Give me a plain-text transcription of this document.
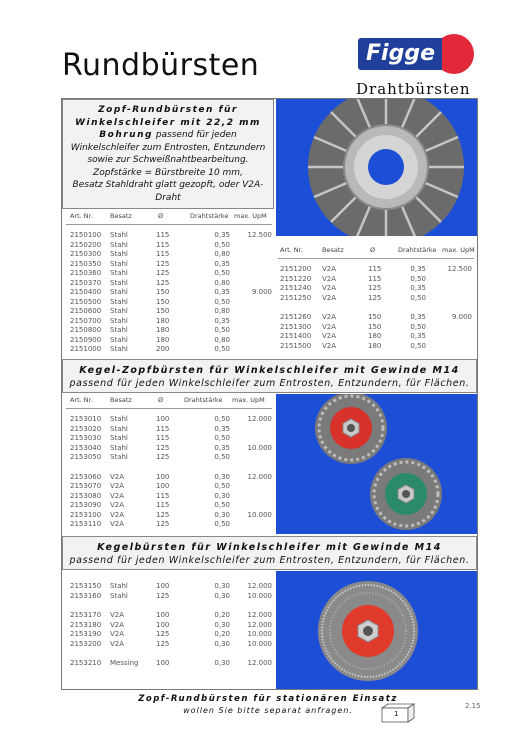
Rundbürsten	Figge
Drahtbürsten
Zopf-Rundbürsten für Winkelschleifer mit 22,2 mm Bohrung passend für jeden Winkelschleifer zum Entrosten, Entzundern sowie zur Schweißnahtbearbeitung.
Zopfstärke = Bürstbreite 10 mm,
Besatz Stahldraht glatt gezopft, oder V2A-Draht
Art. Nr.	Besatz	Ø	Drahtstärke max. UpM
2150100 Stahl	115	0,35	12.500
2150200 Stahl	115	0,50
2150300 Stahl	115	0,80
2150350 Stahl	125	0,35
2150360 Stahl	125	0,50
2150370 Stahl	125	0,80
2150400 Stahl	150	0,35	9.000
2150500 Stahl	150	0,50
2150600 Stahl	150	0,80
2150700 Stahl	180	0,35
2150800 Stahl	180	0,50
2150900 Stahl	180	0,80
2151000 Stahl	200	0,50
Art. Nr.	Besatz	Ø	Drahtstärke max. UpM
2151200 V2A	115	0,35	12.500
2151220 V2A	115	0,50
2151240 V2A	125	0,35
2151250 V2A	125	0,50
2151260 V2A	150	0,35	9.000
2151300 V2A	150	0,50
2151400 V2A	180	0,35
2151500 V2A	180	0,50
Kegel-Zopfbürsten für Winkelschleifer mit Gewinde M14
passend für jeden Winkelschleifer zum Entrosten, Entzundern, für Flächen.
Art. Nr.	Besatz	Ø	Drahtstärke max. UpM
2153010 Stahl	100	0,50	12.000
2153020 Stahl	115	0,35
2153030 Stahl	115	0,50
2153040 Stahl	125	0,35	10.000
2153050 Stahl	125	0,50
2153060 V2A	100	0,30	12.000
2153070 V2A	100	0,50
2153080 V2A	115	0,30
2153090 V2A	115	0,50
2153100 V2A	125	0,30	10.000
2153110 V2A	125	0,50
Kegelbürsten für Winkelschleifer mit Gewinde M14
passend für jeden Winkelschleifer zum Entrosten, Entzundern, für Flächen.
2153150 Stahl	100	0,30	12.000
2153160 Stahl	125	0,30	10.000
2153170 V2A	100	0,20	12.000
2153180 V2A	100	0,30	12.000
2153190 V2A	125	0,20	10.000
2153200 V2A	125	0,30	10.000
2153210 Messing	100	0,30	12.000
Zopf-Rundbürsten für stationären Einsatz
wollen Sie bitte separat anfragen.	1
2.15
